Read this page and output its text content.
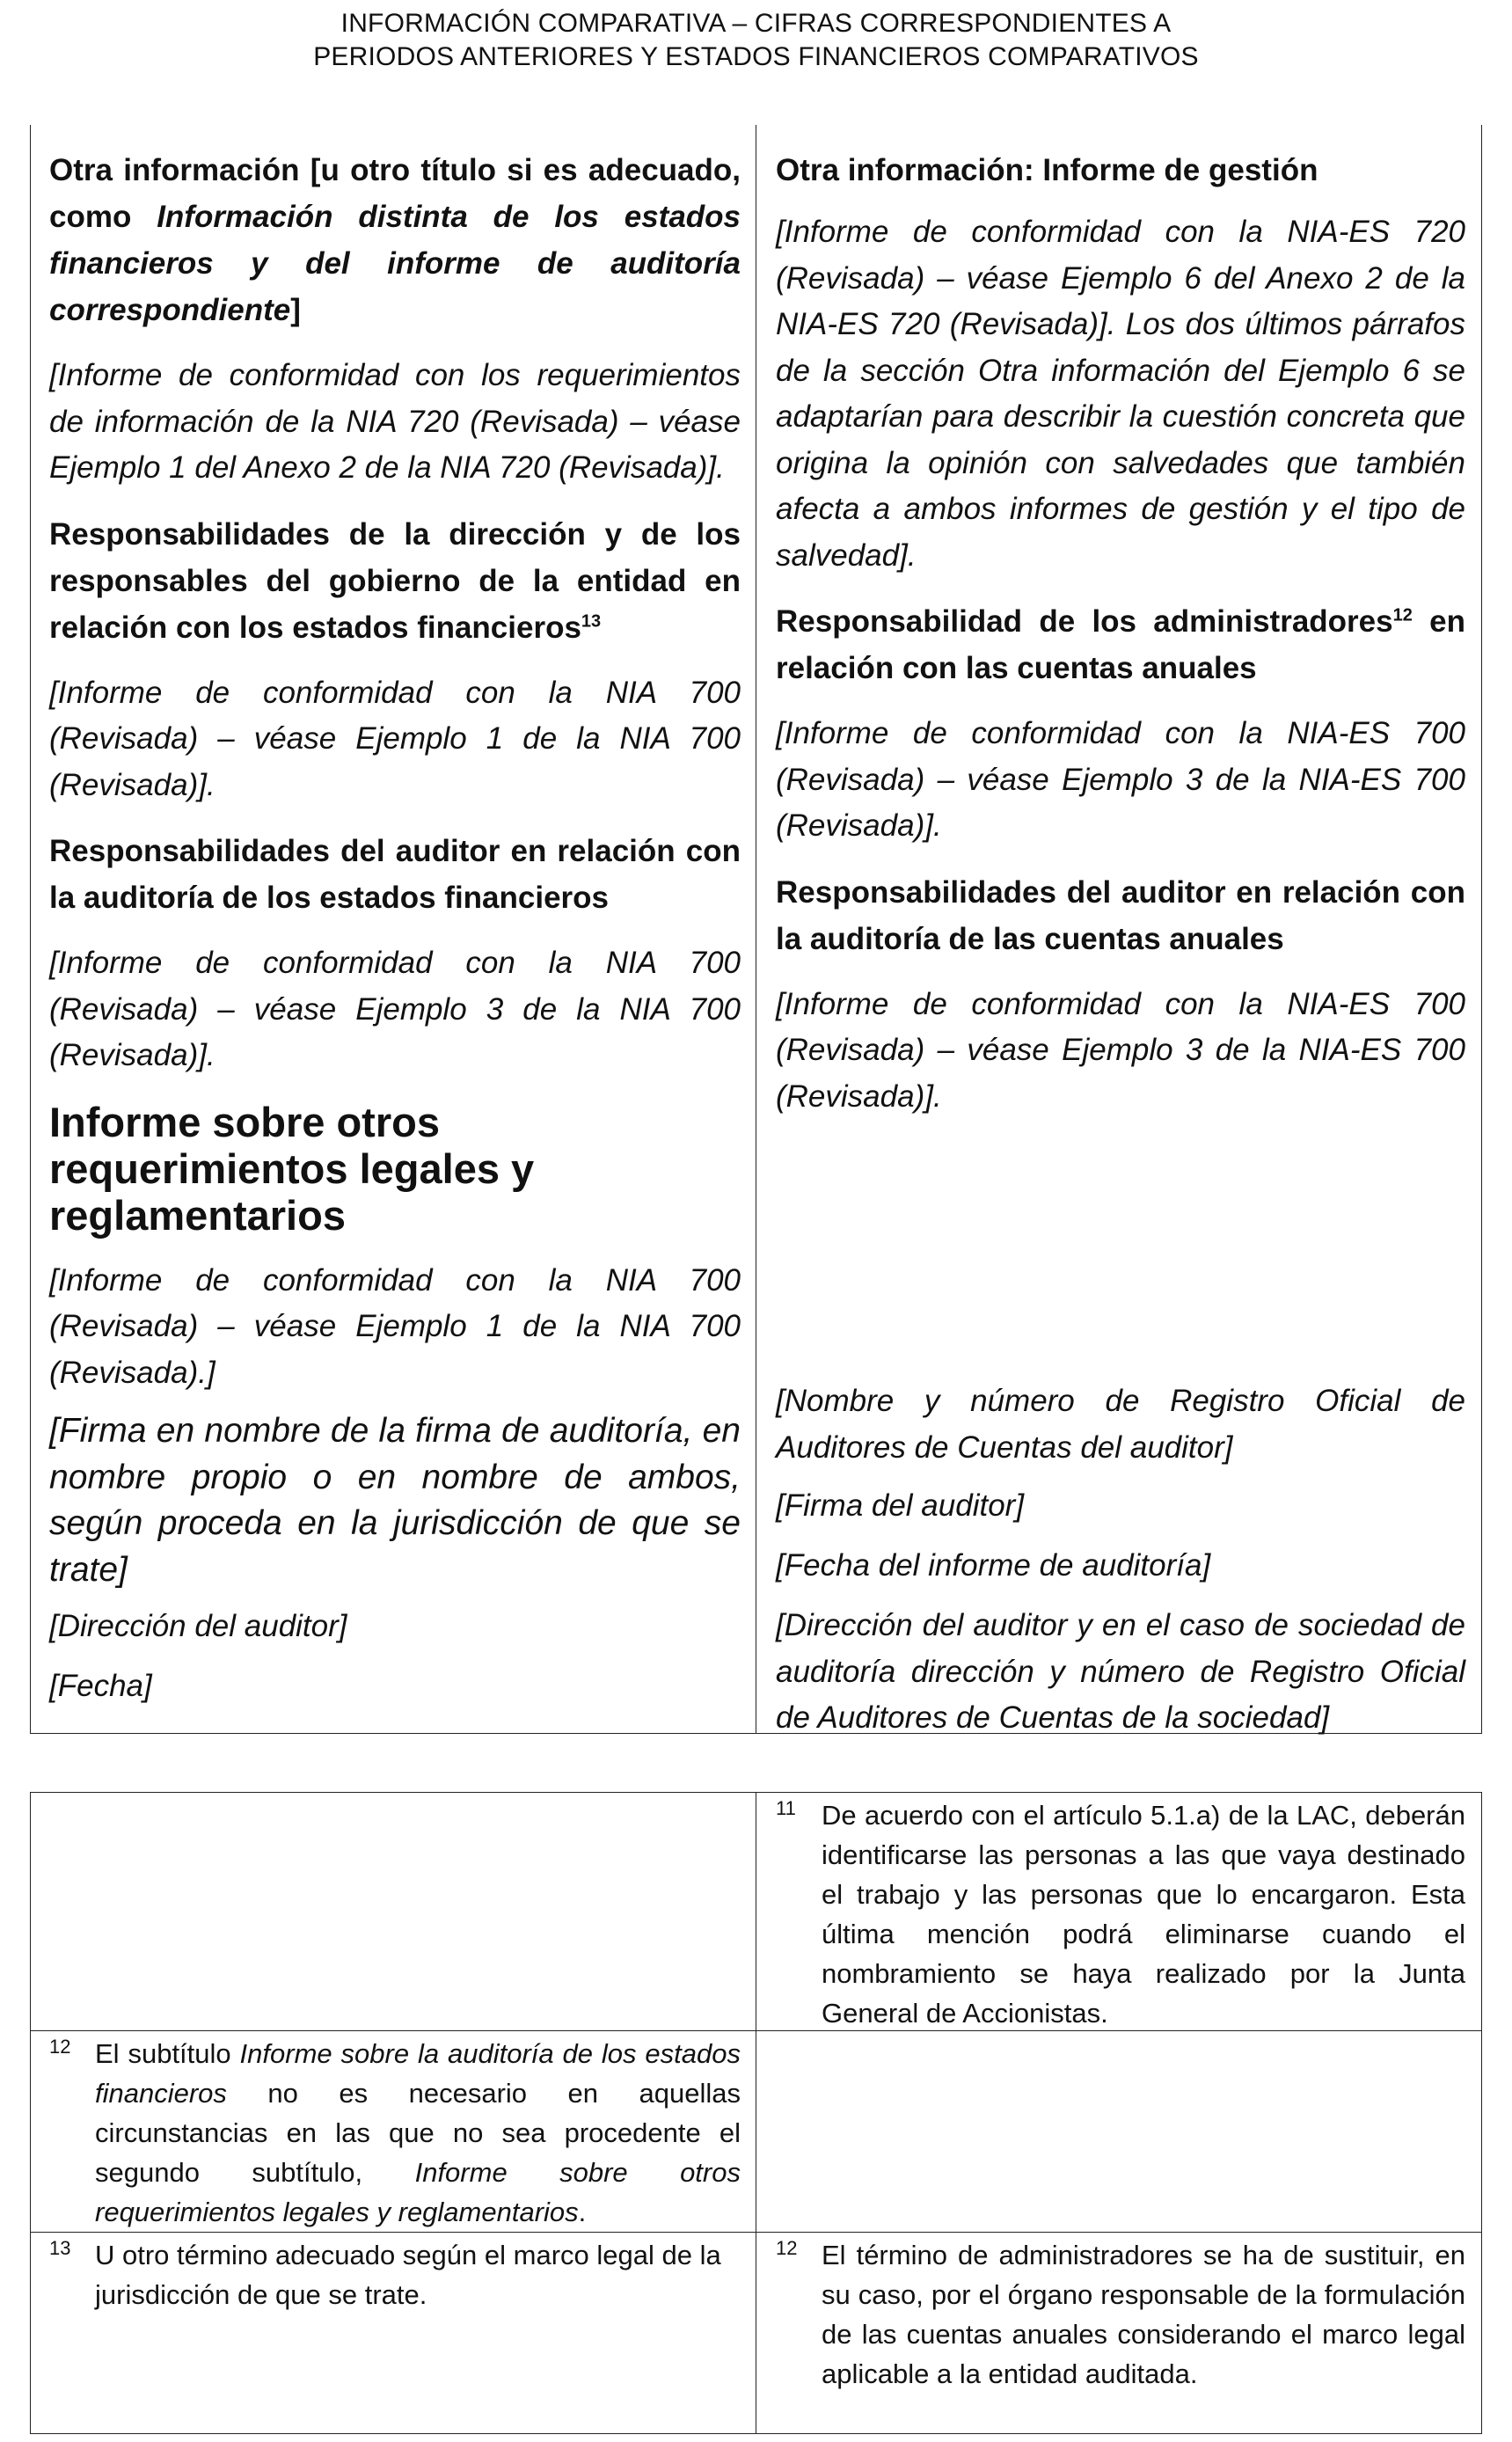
INFORMACIÓN COMPARATIVA – CIFRAS CORRESPONDIENTES A
PERIODOS ANTERIORES Y ESTADOS FINANCIEROS COMPARATIVOS

Otra información [u otro título si es adecuado, como Información distinta de los estados financieros y del informe de auditoría correspondiente]

[Informe de conformidad con los requerimientos de información de la NIA 720 (Revisada) – véase Ejemplo 1 del Anexo 2 de la NIA 720 (Revisada)].

Responsabilidades de la dirección y de los responsables del gobierno de la entidad en relación con los estados financieros$^{13}$

[Informe de conformidad con la NIA 700 (Revisada) – véase Ejemplo 1 de la NIA 700 (Revisada)].

Responsabilidades del auditor en relación con la auditoría de los estados financieros

[Informe de conformidad con la NIA 700 (Revisada) – véase Ejemplo 3 de la NIA 700 (Revisada)].

Informe sobre otros requerimientos legales y reglamentarios

[Informe de conformidad con la NIA 700 (Revisada) – véase Ejemplo 1 de la NIA 700 (Revisada).]

[Firma en nombre de la firma de auditoría, en nombre propio o en nombre de ambos, según proceda en la jurisdicción de que se trate]

[Dirección del auditor]

[Fecha]

Otra información: Informe de gestión

[Informe de conformidad con la NIA-ES 720 (Revisada) – véase Ejemplo 6 del Anexo 2 de la NIA-ES 720 (Revisada)]. Los dos últimos párrafos de la sección Otra información del Ejemplo 6 se adaptarían para describir la cuestión concreta que origina la opinión con salvedades que también afecta a ambos informes de gestión y el tipo de salvedad].

Responsabilidad de los administradores$^{12}$ en relación con las cuentas anuales

[Informe de conformidad con la NIA-ES 700 (Revisada) – véase Ejemplo 3 de la NIA-ES 700 (Revisada)].

Responsabilidades del auditor en relación con la auditoría de las cuentas anuales

[Informe de conformidad con la NIA-ES 700 (Revisada) – véase Ejemplo 3 de la NIA-ES 700 (Revisada)].

[Nombre y número de Registro Oficial de Auditores de Cuentas del auditor]

[Firma del auditor]

[Fecha del informe de auditoría]

[Dirección del auditor y en el caso de sociedad de auditoría dirección y número de Registro Oficial de Auditores de Cuentas de la sociedad]

11 De acuerdo con el artículo 5.1.a) de la LAC, deberán identificarse las personas a las que vaya destinado el trabajo y las personas que lo encargaron. Esta última mención podrá eliminarse cuando el nombramiento se haya realizado por la Junta General de Accionistas.
12 El subtítulo Informe sobre la auditoría de los estados financieros no es necesario en aquellas circunstancias en las que no sea procedente el segundo subtítulo, Informe sobre otros requerimientos legales y reglamentarios.
13 U otro término adecuado según el marco legal de la jurisdicción de que se trate.
12 El término de administradores se ha de sustituir, en su caso, por el órgano responsable de la formulación de las cuentas anuales considerando el marco legal aplicable a la entidad auditada.
